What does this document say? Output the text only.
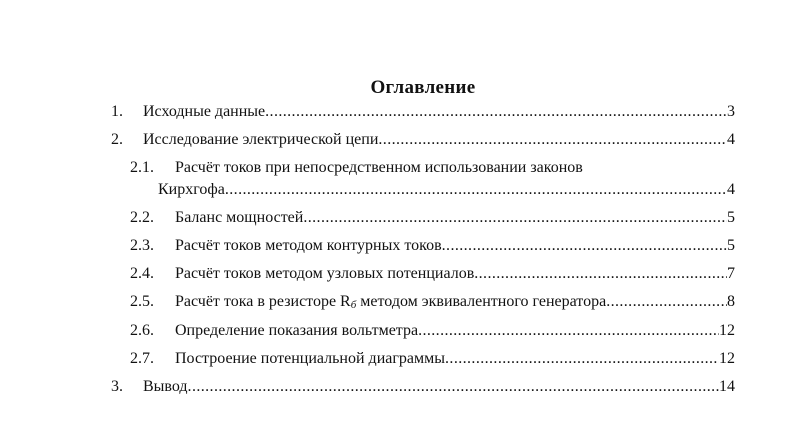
Оглавление
1. Исходные данные .....	3
2. Исследование электрической цепи .....	4
2.1. Расчёт токов при непосредственном использовании законов
Кирхгофа .....	4
2.2. Баланс мощностей .....	5
2.3. Расчёт токов методом контурных токов .....	5
2.4. Расчёт токов методом узловых потенциалов .....	7
2.5. Расчёт тока в резисторе $R_б$ методом эквивалентного генератора .....	8
2.6. Определение показания вольтметра .....	12
2.7. Построение потенциальной диаграммы .....	12
3. Вывод .....	14
